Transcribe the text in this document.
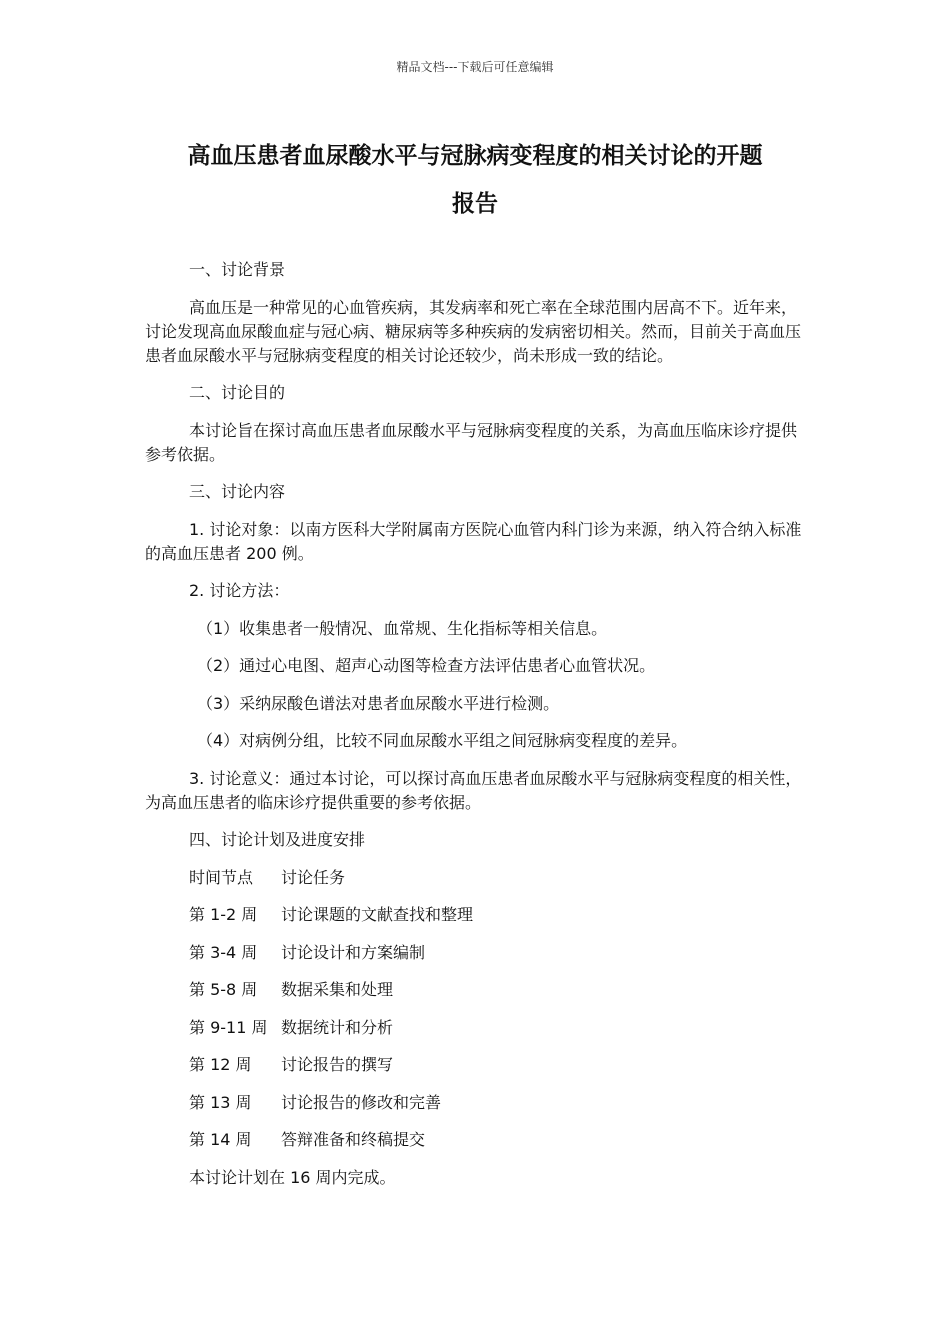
精品文档---下载后可任意编辑
高血压患者血尿酸水平与冠脉病变程度的相关讨论的开题
报告

一、讨论背景

高血压是一种常见的心血管疾病，其发病率和死亡率在全球范围内居高不下。近年来，讨论发现高血尿酸血症与冠心病、糖尿病等多种疾病的发病密切相关。然而，目前关于高血压患者血尿酸水平与冠脉病变程度的相关讨论还较少，尚未形成一致的结论。

二、讨论目的

本讨论旨在探讨高血压患者血尿酸水平与冠脉病变程度的关系，为高血压临床诊疗提供参考依据。

三、讨论内容

1. 讨论对象：以南方医科大学附属南方医院心血管内科门诊为来源，纳入符合纳入标准的高血压患者 200 例。

2. 讨论方法：

（1）收集患者一般情况、血常规、生化指标等相关信息。

（2）通过心电图、超声心动图等检查方法评估患者心血管状况。

（3）采纳尿酸色谱法对患者血尿酸水平进行检测。

（4）对病例分组，比较不同血尿酸水平组之间冠脉病变程度的差异。

3. 讨论意义：通过本讨论，可以探讨高血压患者血尿酸水平与冠脉病变程度的相关性，为高血压患者的临床诊疗提供重要的参考依据。

四、讨论计划及进度安排

时间节点 讨论任务
第 1-2 周 讨论课题的文献查找和整理
第 3-4 周 讨论设计和方案编制
第 5-8 周 数据采集和处理
第 9-11 周 数据统计和分析
第 12 周 讨论报告的撰写
第 13 周 讨论报告的修改和完善
第 14 周 答辩准备和终稿提交

本讨论计划在 16 周内完成。
